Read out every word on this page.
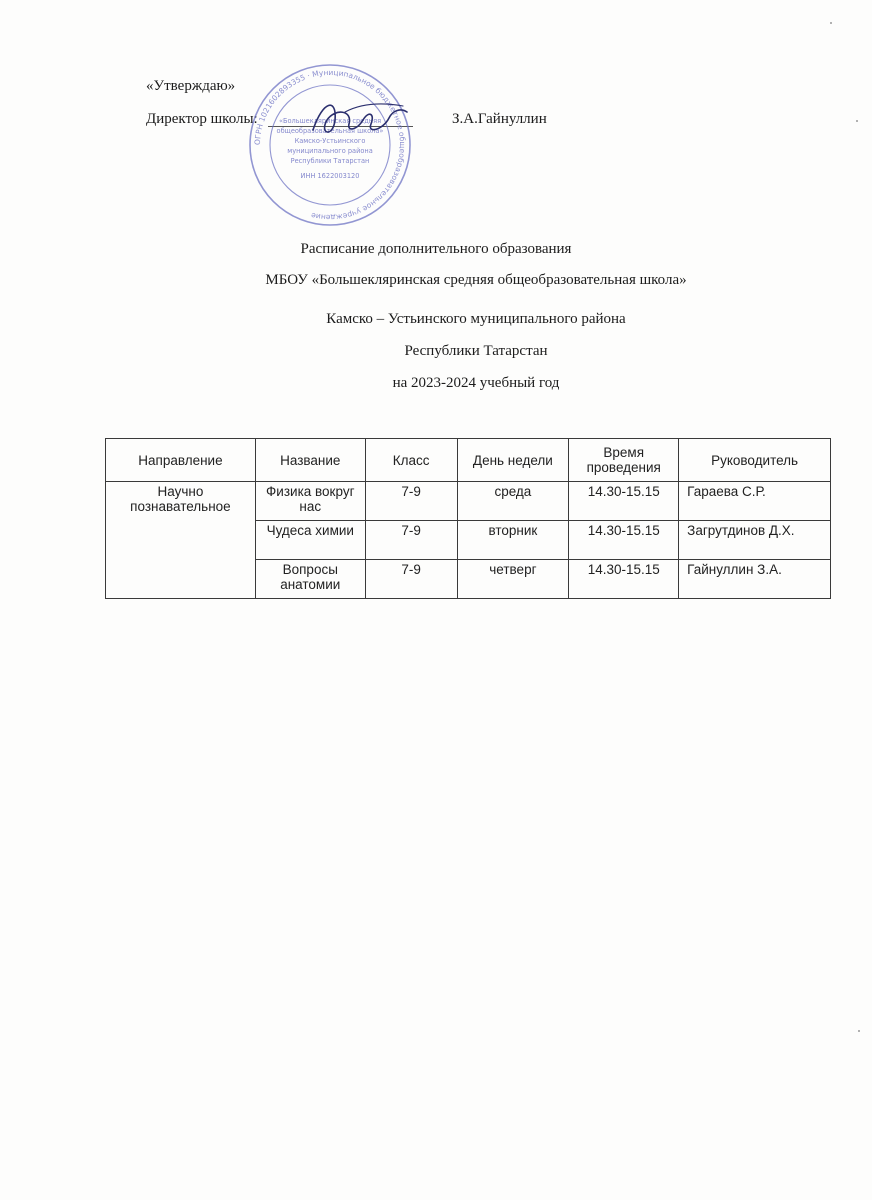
«Утверждаю»
Директор школы:	З.А.Гайнуллин
ОГРН 1021602893355 · Муниципальное бюджетное общеобразовательное учреждение
«Большекляринская средняя
общеобразовательная школа»
Камско-Устьинского
муниципального района
Республики Татарстан
ИНН 1622003120
Расписание дополнительного образования
МБОУ «Большекляринская средняя общеобразовательная школа»
Камско – Устьинского муниципального района
Республики Татарстан
на 2023-2024 учебный год
Направление	Название	Класс	День недели	Время проведения	Руководитель
Научно познавательное	Физика вокруг нас	7-9	среда	14.30-15.15	Гараева С.Р.
	Чудеса химии	7-9	вторник	14.30-15.15	Загрутдинов Д.Х.
	Вопросы анатомии	7-9	четверг	14.30-15.15	Гайнуллин З.А.
